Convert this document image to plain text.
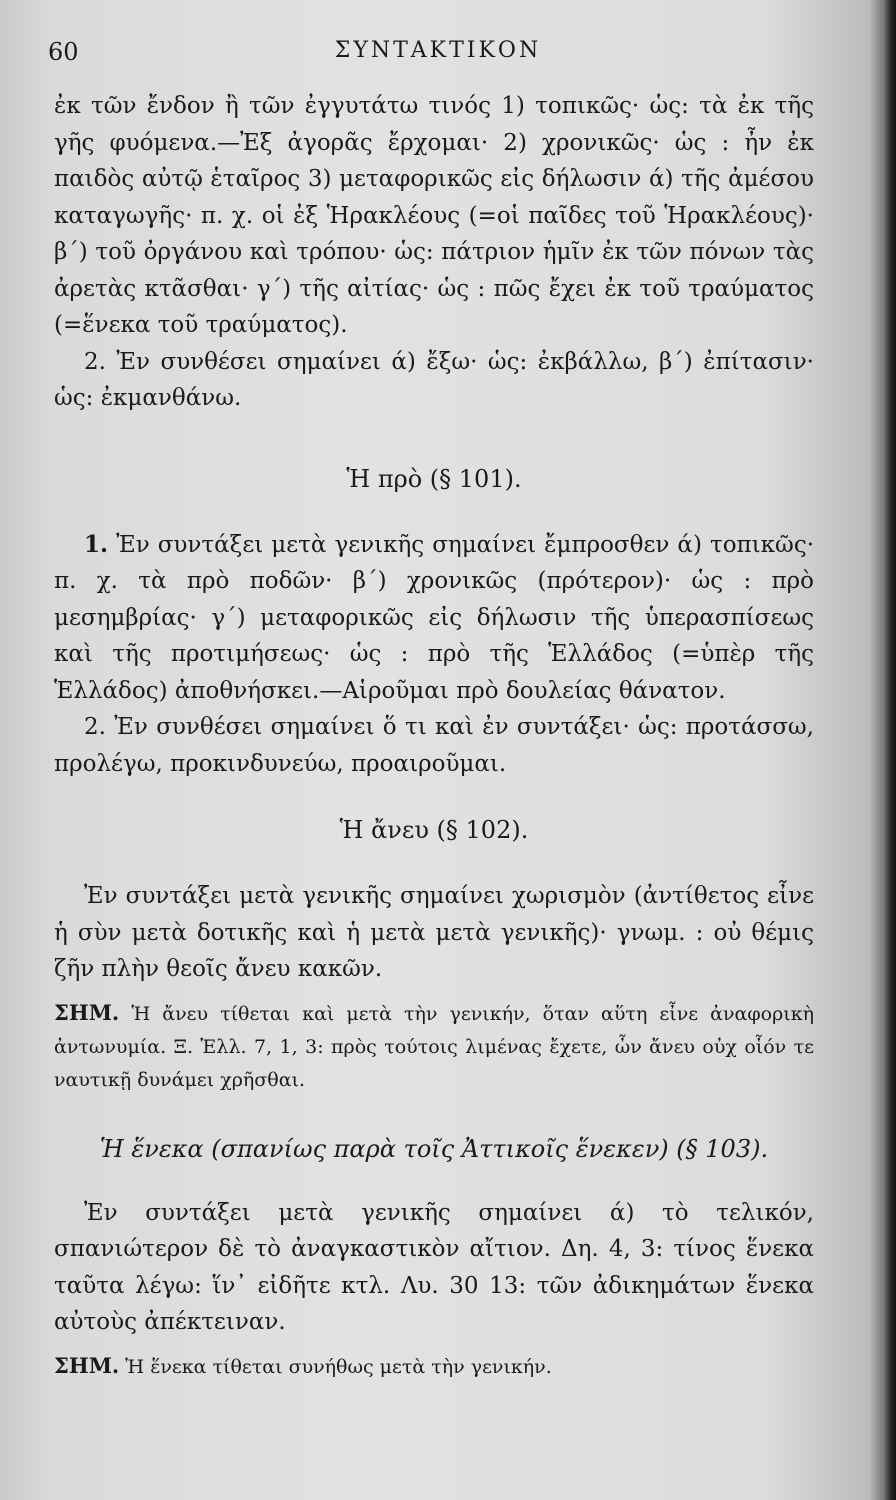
60	ΣΥΝΤΑΚΤΙΚΟΝ

ἐκ τῶν ἔνδον ἢ τῶν ἐγγυτάτω τινός 1) τοπικῶς· ὡς: τὰ ἐκ τῆς γῆς φυόμενα.—Ἐξ ἀγορᾶς ἔρχομαι· 2) χρονικῶς· ὡς : ἦν ἐκ παιδὸς αὐτῷ ἑταῖρος 3) μεταφορικῶς εἰς δήλωσιν ά) τῆς ἀμέσου καταγωγῆς· π. χ. οἱ ἐξ Ἡρακλέους (=οἱ παῖδες τοῦ Ἡρακλέους)· β΄) τοῦ ὀργάνου καὶ τρόπου· ὡς: πάτριον ἡμῖν ἐκ τῶν πόνων τὰς ἀρετὰς κτᾶσθαι· γ΄) τῆς αἰτίας· ὡς : πῶς ἔχει ἐκ τοῦ τραύματος (=ἕνεκα τοῦ τραύματος).

2. Ἐν συνθέσει σημαίνει ά) ἔξω· ὡς: ἐκβάλλω, β΄) ἐπίτασιν· ὡς: ἐκμανθάνω.

Ἡ πρὸ (§ 101).

1. Ἐν συντάξει μετὰ γενικῆς σημαίνει ἔμπροσθεν ά) τοπικῶς· π. χ. τὰ πρὸ ποδῶν· β΄) χρονικῶς (πρότερον)· ὡς : πρὸ μεσημβρίας· γ΄) μεταφορικῶς εἰς δήλωσιν τῆς ὑπερασπίσεως καὶ τῆς προτιμήσεως· ὡς : πρὸ τῆς Ἑλλάδος (=ὑπὲρ τῆς Ἑλλάδος) ἀποθνήσκει.—Αἱροῦμαι πρὸ δουλείας θάνατον.

2. Ἐν συνθέσει σημαίνει ὅ τι καὶ ἐν συντάξει· ὡς: προτάσσω, προλέγω, προκινδυνεύω, προαιροῦμαι.

Ἡ ἄνευ (§ 102).

Ἐν συντάξει μετὰ γενικῆς σημαίνει χωρισμὸν (ἀντίθετος εἶνε ἡ σὺν μετὰ δοτικῆς καὶ ἡ μετὰ μετὰ γενικῆς)· γνωμ. : οὐ θέμις ζῆν πλὴν θεοῖς ἄνευ κακῶν.

ΣΗΜ. Ἡ ἄνευ τίθεται καὶ μετὰ τὴν γενικήν, ὅταν αὕτη εἶνε ἀναφορικὴ ἀντωνυμία. Ξ. Ἑλλ. 7, 1, 3: πρὸς τούτοις λιμένας ἔχετε, ὧν ἄνευ οὐχ οἷόν τε ναυτικῇ δυνάμει χρῆσθαι.

Ἡ ἕνεκα (σπανίως παρὰ τοῖς Ἀττικοῖς ἕνεκεν) (§ 103).

Ἐν συντάξει μετὰ γενικῆς σημαίνει ά) τὸ τελικόν, σπανιώτερον δὲ τὸ ἀναγκαστικὸν αἴτιον. Δη. 4, 3: τίνος ἕνεκα ταῦτα λέγω: ἵν᾽ εἰδῆτε κτλ. Λυ. 30 13: τῶν ἀδικημάτων ἕνεκα αὐτοὺς ἀπέκτειναν.

ΣΗΜ. Ἡ ἕνεκα τίθεται συνήθως μετὰ τὴν γενικήν.
